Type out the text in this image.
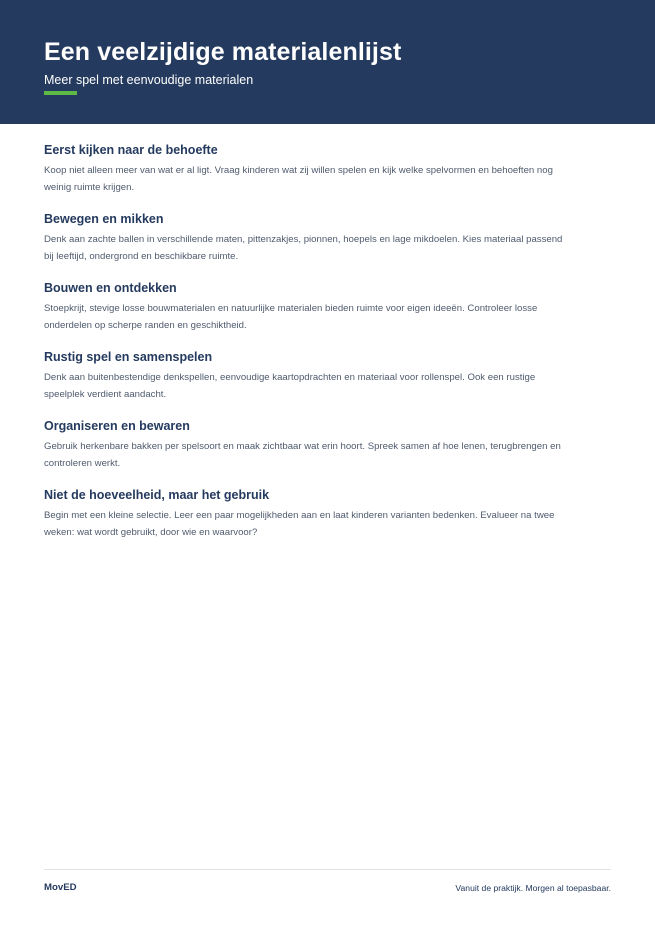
Een veelzijdige materialenlijst
Meer spel met eenvoudige materialen
Eerst kijken naar de behoefte
Koop niet alleen meer van wat er al ligt. Vraag kinderen wat zij willen spelen en kijk welke spelvormen en behoeften nog weinig ruimte krijgen.
Bewegen en mikken
Denk aan zachte ballen in verschillende maten, pittenzakjes, pionnen, hoepels en lage mikdoelen. Kies materiaal passend bij leeftijd, ondergrond en beschikbare ruimte.
Bouwen en ontdekken
Stoepkrijt, stevige losse bouwmaterialen en natuurlijke materialen bieden ruimte voor eigen ideeën. Controleer losse onderdelen op scherpe randen en geschiktheid.
Rustig spel en samenspelen
Denk aan buitenbestendige denkspellen, eenvoudige kaartopdrachten en materiaal voor rollenspel. Ook een rustige speelplek verdient aandacht.
Organiseren en bewaren
Gebruik herkenbare bakken per spelsoort en maak zichtbaar wat erin hoort. Spreek samen af hoe lenen, terugbrengen en controleren werkt.
Niet de hoeveelheid, maar het gebruik
Begin met een kleine selectie. Leer een paar mogelijkheden aan en laat kinderen varianten bedenken. Evalueer na twee weken: wat wordt gebruikt, door wie en waarvoor?
MovED	Vanuit de praktijk. Morgen al toepasbaar.
